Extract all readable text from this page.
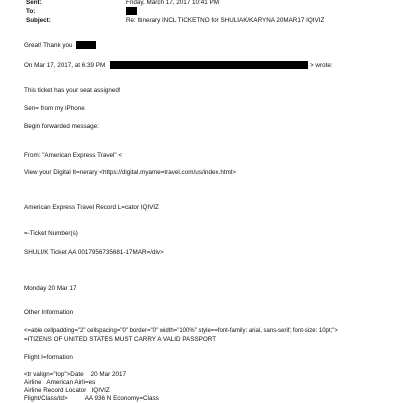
Sent:	Friday, March 17, 2017 10:41 PM
To:
Subject:	Re: Itinerary INCL TICKETNO for SHULIAK/KARYNA 20MAR17 IQIVIZ
Great! Thank you
On Mar 17, 2017, at 6:39 PM	> wrote:
This ticket has your seat assigned!
Sen= from my iPhone
Begin forwarded message:
From: "American Express Travel" <
View your Digital It=nerary <https://digital.myame=travel.com/us/index.html>
American Express Travel Record L=cator IQIVIZ
=-Ticket Number(s)
SHULI/K Ticket AA 0017956735681-17MAR=/div>
Monday 20 Mar 17
Other Information
<=able cellpadding="2" cellspacing="0" border="0" width="100%" style==font-family: arial, sans-serif; font-size: 10pt;">
=ITIZENS OF UNITED STATES MUST CARRY A VALID PASSPORT
Flight I=formation
<tr valign="top">Date    20 Mar 2017
Airline   American Airli=es
Airline Record Locator   IQIVIZ
Flight/Class/td>          AA 936 N Economy=Class
